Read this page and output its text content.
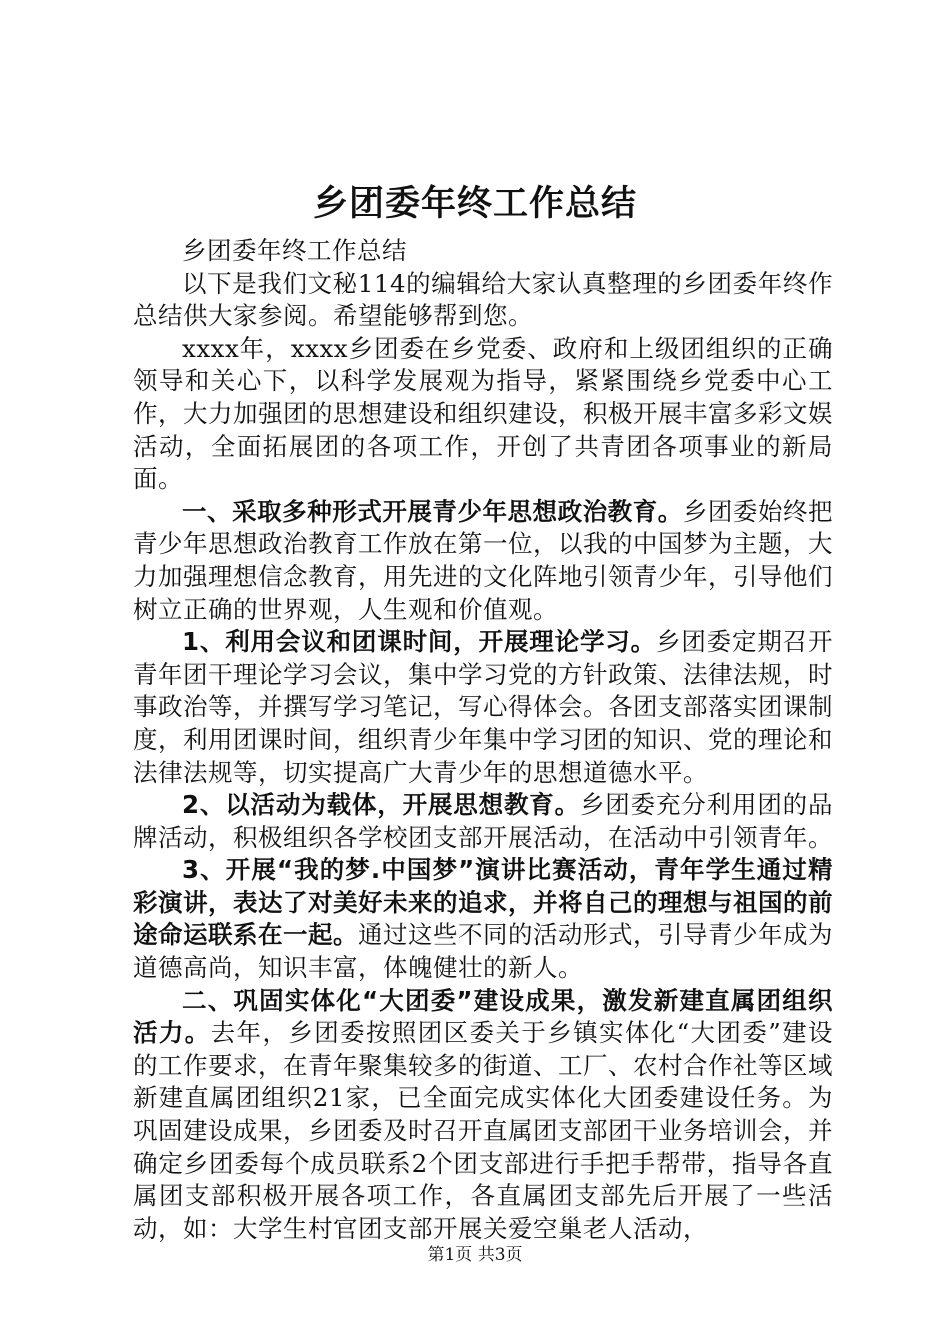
乡团委年终工作总结

乡团委年终工作总结

以下是我们文秘114的编辑给大家认真整理的乡团委年终作总结供大家参阅。希望能够帮到您。

xxxx年，xxxx乡团委在乡党委、政府和上级团组织的正确领导和关心下，以科学发展观为指导，紧紧围绕乡党委中心工作，大力加强团的思想建设和组织建设，积极开展丰富多彩文娱活动，全面拓展团的各项工作，开创了共青团各项事业的新局面。

一、采取多种形式开展青少年思想政治教育。乡团委始终把青少年思想政治教育工作放在第一位，以我的中国梦为主题，大力加强理想信念教育，用先进的文化阵地引领青少年，引导他们树立正确的世界观，人生观和价值观。

1、利用会议和团课时间，开展理论学习。乡团委定期召开青年团干理论学习会议，集中学习党的方针政策、法律法规，时事政治等，并撰写学习笔记，写心得体会。各团支部落实团课制度，利用团课时间，组织青少年集中学习团的知识、党的理论和法律法规等，切实提高广大青少年的思想道德水平。

2、以活动为载体，开展思想教育。乡团委充分利用团的品牌活动，积极组织各学校团支部开展活动，在活动中引领青年。

3、开展“我的梦.中国梦”演讲比赛活动，青年学生通过精彩演讲，表达了对美好未来的追求，并将自己的理想与祖国的前途命运联系在一起。通过这些不同的活动形式，引导青少年成为道德高尚，知识丰富，体魄健壮的新人。

二、巩固实体化“大团委”建设成果，激发新建直属团组织活力。去年，乡团委按照团区委关于乡镇实体化“大团委”建设的工作要求，在青年聚集较多的街道、工厂、农村合作社等区域新建直属团组织21家，已全面完成实体化大团委建设任务。为巩固建设成果，乡团委及时召开直属团支部团干业务培训会，并确定乡团委每个成员联系2个团支部进行手把手帮带，指导各直属团支部积极开展各项工作，各直属团支部先后开展了一些活动，如：大学生村官团支部开展关爱空巢老人活动，

第1页 共3页
